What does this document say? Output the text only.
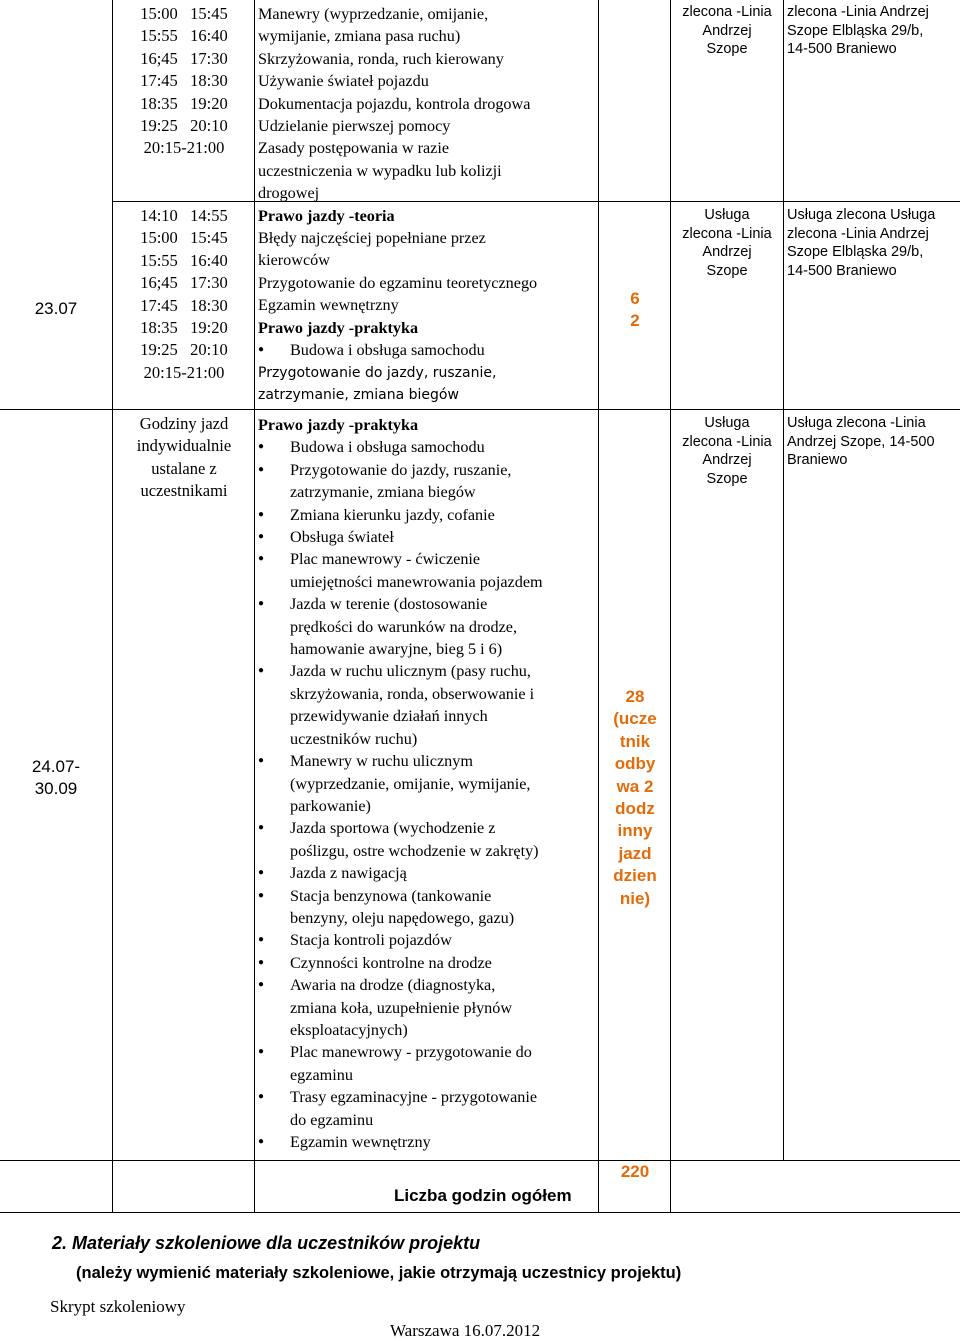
23.07
24.07-
30.09
15:00   15:45
15:55   16:40
16;45   17:30
17:45   18:30
18:35   19:20
19:25   20:10
20:15-21:00
14:10   14:55
15:00   15:45
15:55   16:40
16;45   17:30
17:45   18:30
18:35   19:20
19:25   20:10
20:15-21:00
Godziny jazd
indywidualnie
ustalane z
uczestnikami
Manewry (wyprzedzanie, omijanie,
wymijanie, zmiana pasa ruchu)
Skrzyżowania, ronda, ruch kierowany
Używanie świateł pojazdu
Dokumentacja pojazdu, kontrola drogowa
Udzielanie pierwszej pomocy
Zasady postępowania w razie
uczestniczenia w wypadku lub kolizji
drogowej
Prawo jazdy -teoria
Błędy najczęściej popełniane przez
kierowców
Przygotowanie do egzaminu teoretycznego
Egzamin wewnętrzny
Prawo jazdy -praktyka
● Budowa i obsługa samochodu
Przygotowanie do jazdy, ruszanie,
zatrzymanie, zmiana biegów
Prawo jazdy -praktyka
● Budowa i obsługa samochodu
● Przygotowanie do jazdy, ruszanie,
zatrzymanie, zmiana biegów
● Zmiana kierunku jazdy, cofanie
● Obsługa świateł
● Plac manewrowy - ćwiczenie
umiejętności manewrowania pojazdem
● Jazda w terenie (dostosowanie
prędkości do warunków na drodze,
hamowanie awaryjne, bieg 5 i 6)
● Jazda w ruchu ulicznym (pasy ruchu,
skrzyżowania, ronda, obserwowanie i
przewidywanie działań innych
uczestników ruchu)
● Manewry w ruchu ulicznym
(wyprzedzanie, omijanie, wymijanie,
parkowanie)
● Jazda sportowa (wychodzenie z
poślizgu, ostre wchodzenie w zakręty)
● Jazda z nawigacją
● Stacja benzynowa (tankowanie
benzyny, oleju napędowego, gazu)
● Stacja kontroli pojazdów
● Czynności kontrolne na drodze
● Awaria na drodze (diagnostyka,
zmiana koła, uzupełnienie płynów
eksploatacyjnych)
● Plac manewrowy - przygotowanie do
egzaminu
● Trasy egzaminacyjne - przygotowanie
do egzaminu
● Egzamin wewnętrzny
6
2
28
(ucze
tnik
odby
wa 2
dodz
inny
jazd
dzien
nie)
zlecona -Linia
Andrzej
Szope
Usługa
zlecona -Linia
Andrzej
Szope
Usługa
zlecona -Linia
Andrzej
Szope
zlecona -Linia Andrzej
Szope Elbląska 29/b,
14-500 Braniewo
Usługa zlecona Usługa
zlecona -Linia Andrzej
Szope Elbląska 29/b,
14-500 Braniewo
Usługa zlecona -Linia
Andrzej Szope, 14-500
Braniewo
220
Liczba godzin ogółem
2. Materiały szkoleniowe dla uczestników projektu
(należy wymienić materiały szkoleniowe, jakie otrzymają uczestnicy projektu)
Skrypt szkoleniowy
Warszawa 16.07.2012
